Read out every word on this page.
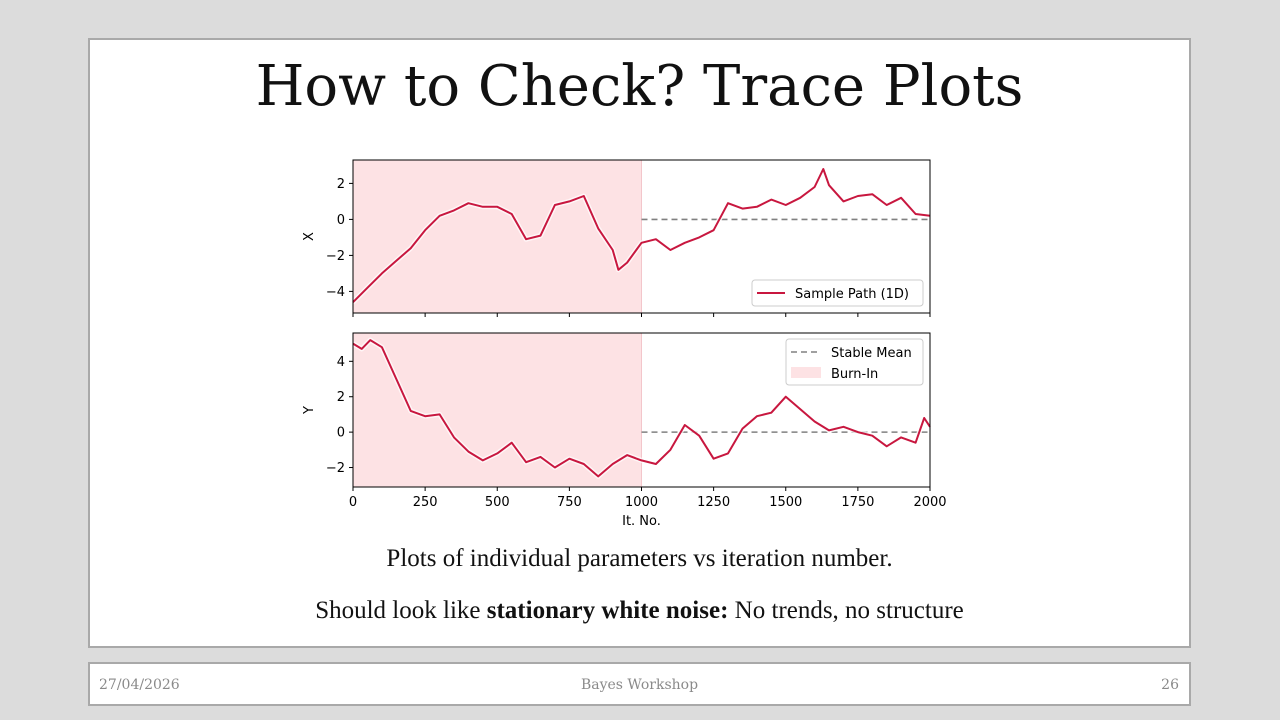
How to Check? Trace Plots
−4
−2
0
2
X
Sample Path (1D)
−2
0
2
4
0	250	500	750	1000	1250	1500	1750	2000
Y
It. No.
Stable Mean
Burn-In
Plots of individual parameters vs iteration number.
Should look like stationary white noise: No trends, no structure
27/04/2026	Bayes Workshop	26
